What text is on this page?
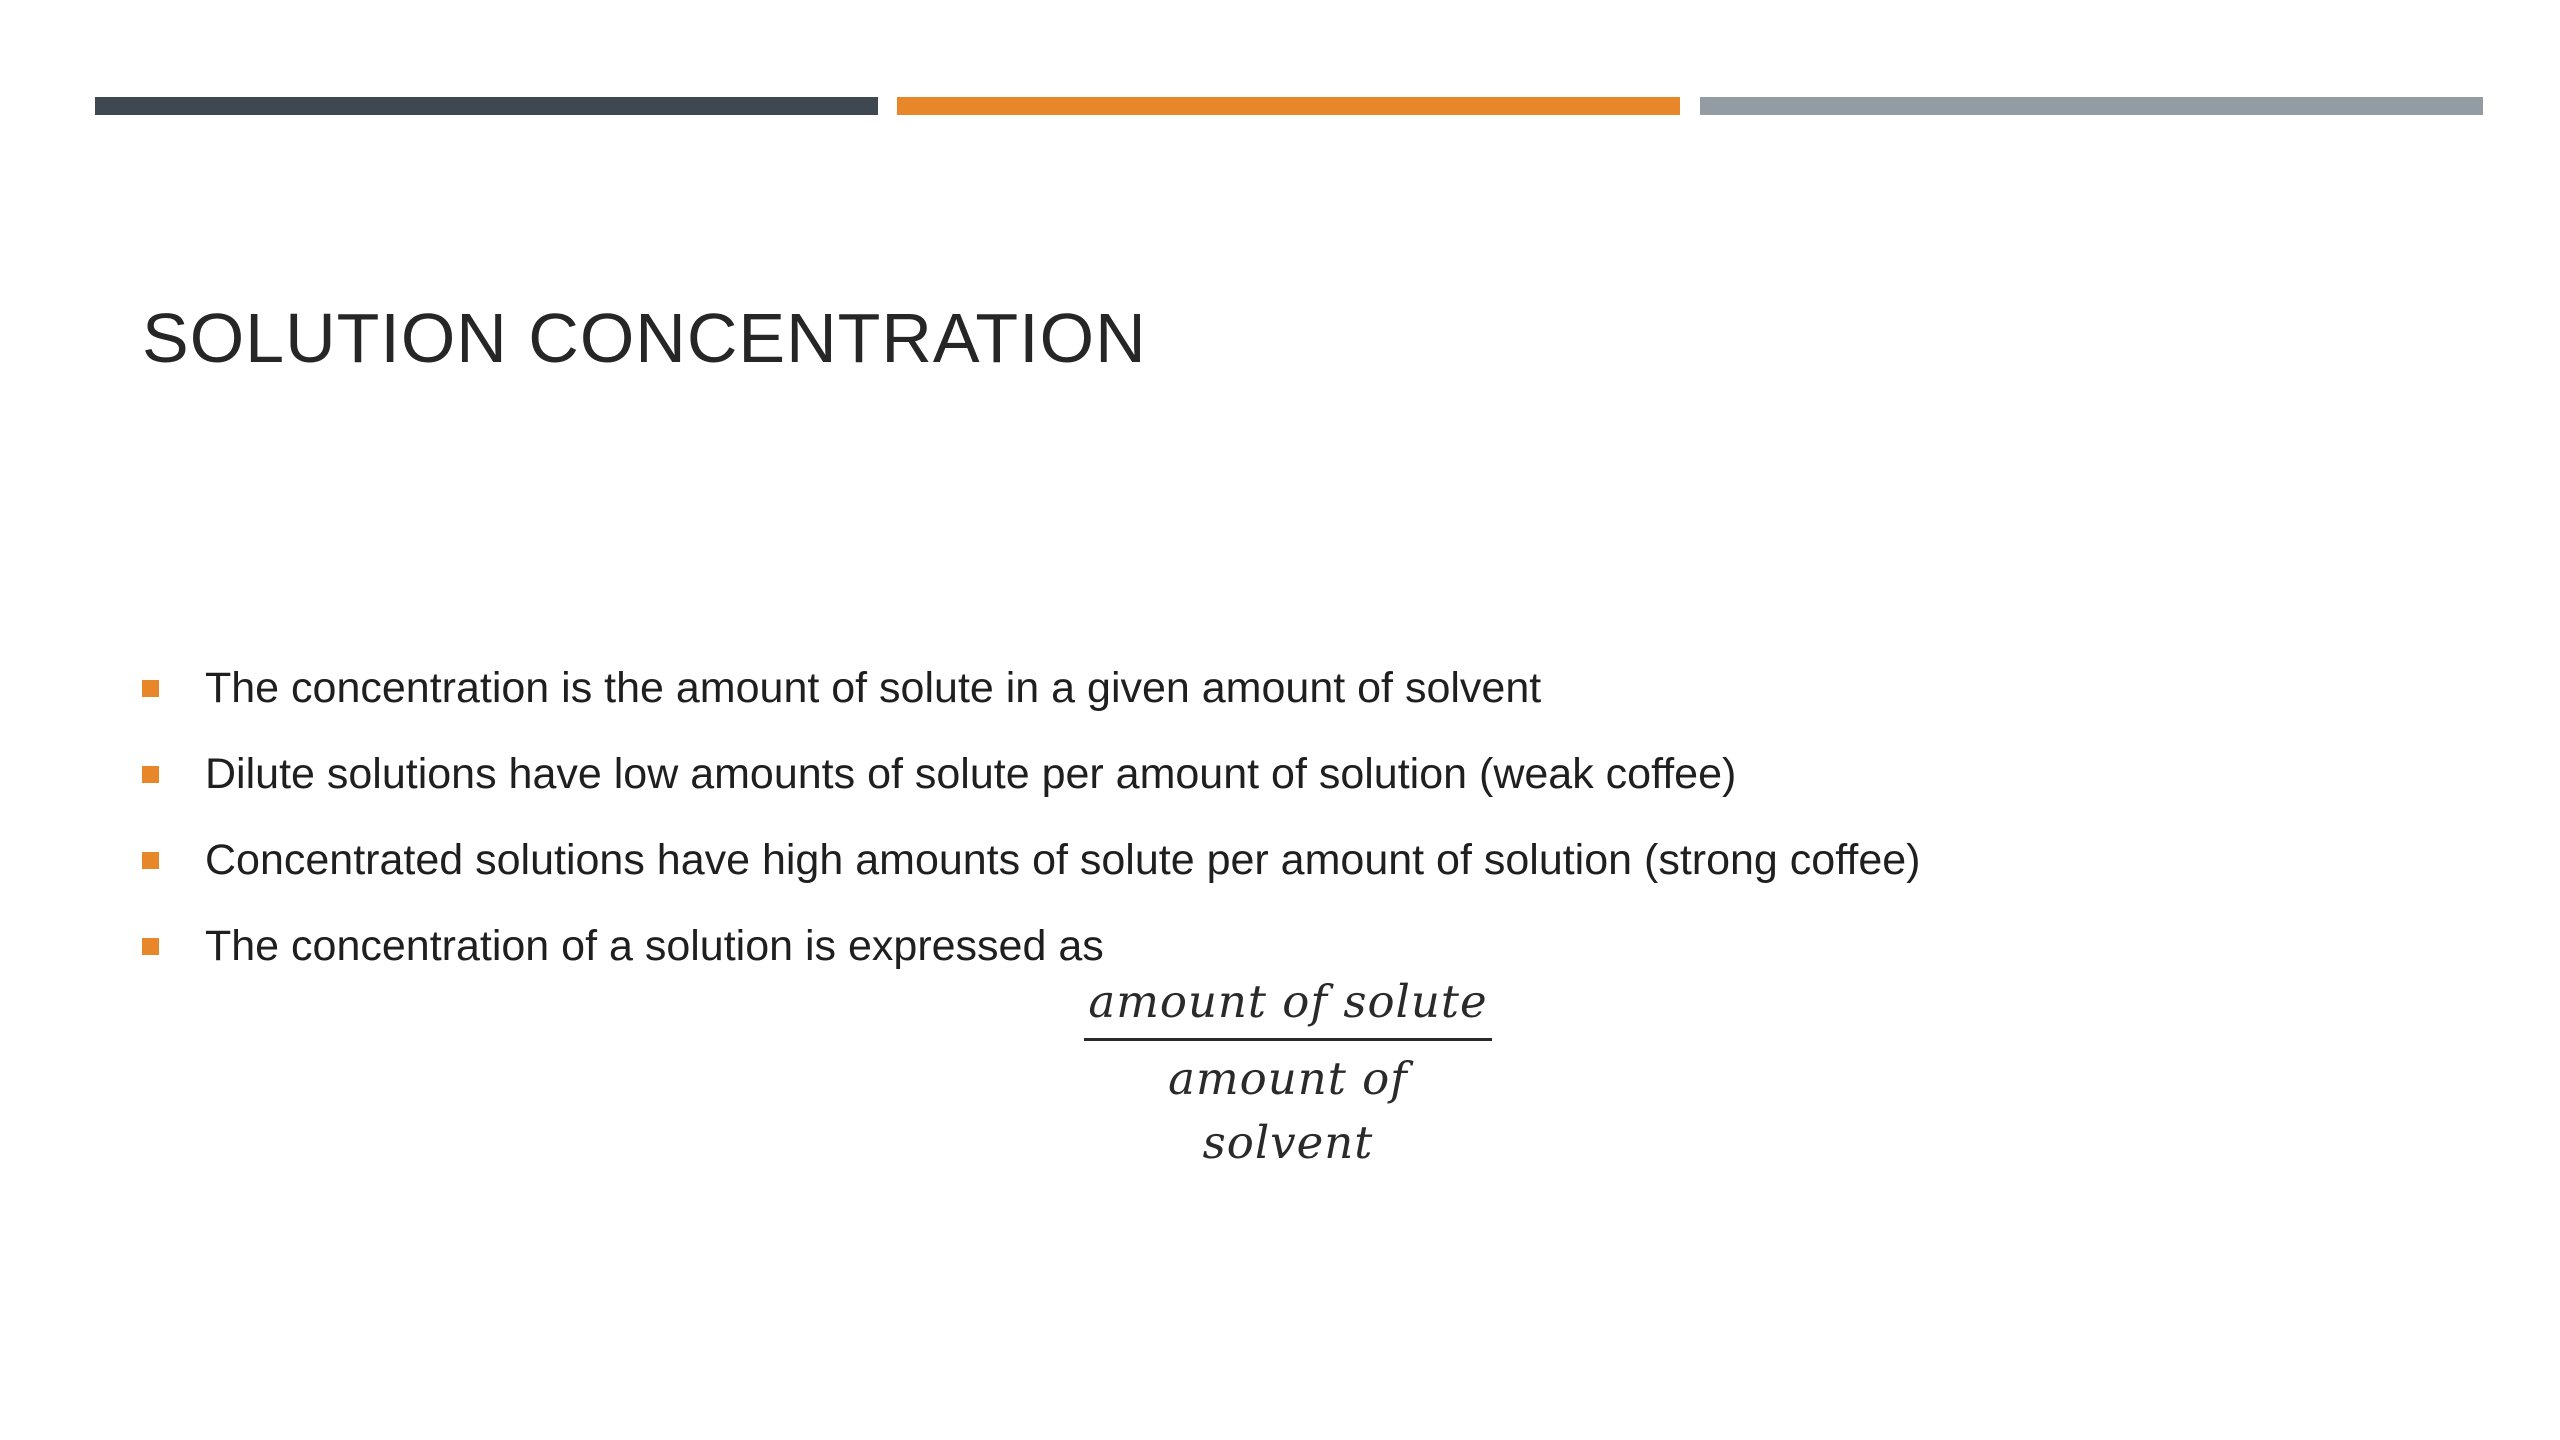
SOLUTION CONCENTRATION
The concentration is the amount of solute in a given amount of solvent
Dilute solutions have low amounts of solute per amount of solution (weak coffee)
Concentrated solutions have high amounts of solute per amount of solution (strong coffee)
The concentration of a solution is expressed as
amount of solute
amount of solvent
